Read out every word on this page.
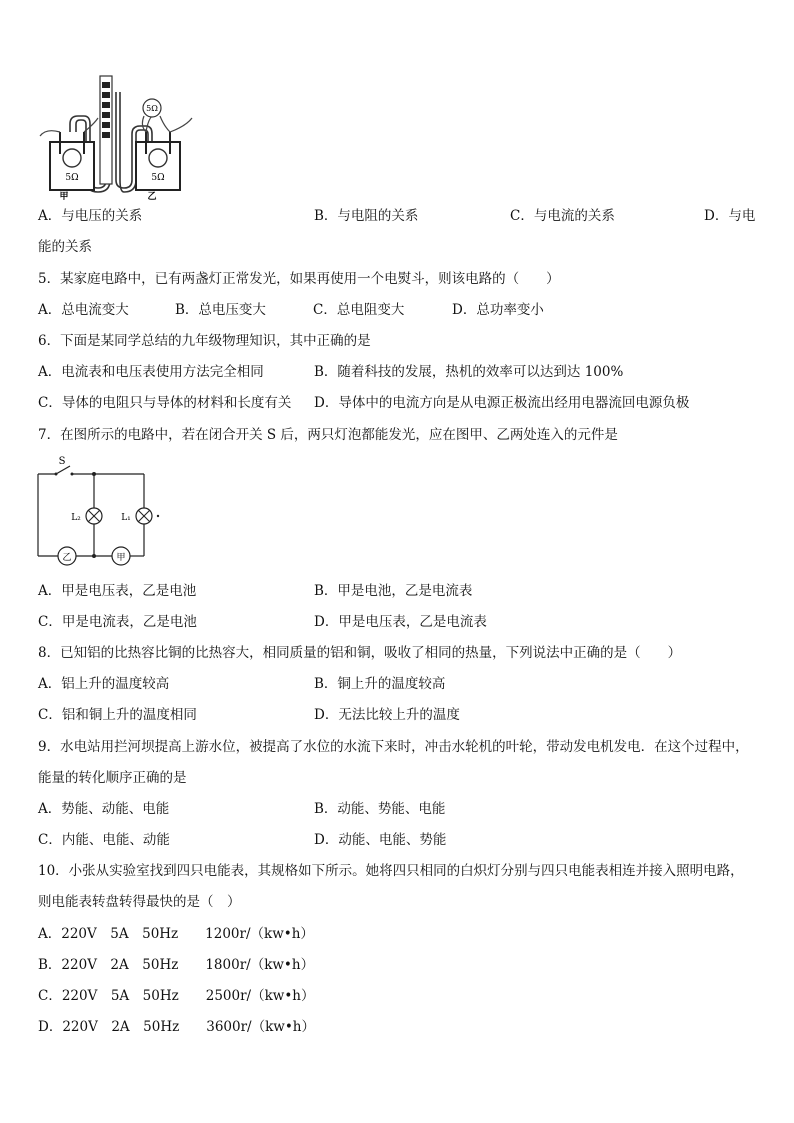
5Ω
5Ω	5Ω
甲	乙
A．与电压的关系	B．与电阻的关系	C．与电流的关系	D．与电
能的关系
5．某家庭电路中，已有两盏灯正常发光，如果再使用一个电熨斗，则该电路的（　　）
A．总电流变大	B．总电压变大	C．总电阻变大	D．总功率变小
6．下面是某同学总结的九年级物理知识，其中正确的是
A．电流表和电压表使用方法完全相同	B．随着科技的发展，热机的效率可以达到达 100%
C．导体的电阻只与导体的材料和长度有关 D．导体中的电流方向是从电源正极流出经用电器流回电源负极
7．在图所示的电路中，若在闭合开关 S 后，两只灯泡都能发光，应在图甲、乙两处连入的元件是
乙	甲
S
L₂	L₁
A．甲是电压表，乙是电池	B．甲是电池，乙是电流表
C．甲是电流表，乙是电池	D．甲是电压表，乙是电流表
8．已知铝的比热容比铜的比热容大，相同质量的铝和铜，吸收了相同的热量，下列说法中正确的是（　　）
A．铝上升的温度较高	B．铜上升的温度较高
C．铝和铜上升的温度相同	D．无法比较上升的温度
9．水电站用拦河坝提高上游水位，被提高了水位的水流下来时，冲击水轮机的叶轮，带动发电机发电．在这个过程中，
能量的转化顺序正确的是
A．势能、动能、电能	B．动能、势能、电能
C．内能、电能、动能	D．动能、电能、势能
10．小张从实验室找到四只电能表，其规格如下所示。她将四只相同的白炽灯分别与四只电能表相连并接入照明电路，
则电能表转盘转得最快的是（　）
A．220V　5A　50Hz　　1200r/（kw•h）
B．220V　2A　50Hz　　1800r/（kw•h）
C．220V　5A　50Hz　　2500r/（kw•h）
D．220V　2A　50Hz　　3600r/（kw•h）
